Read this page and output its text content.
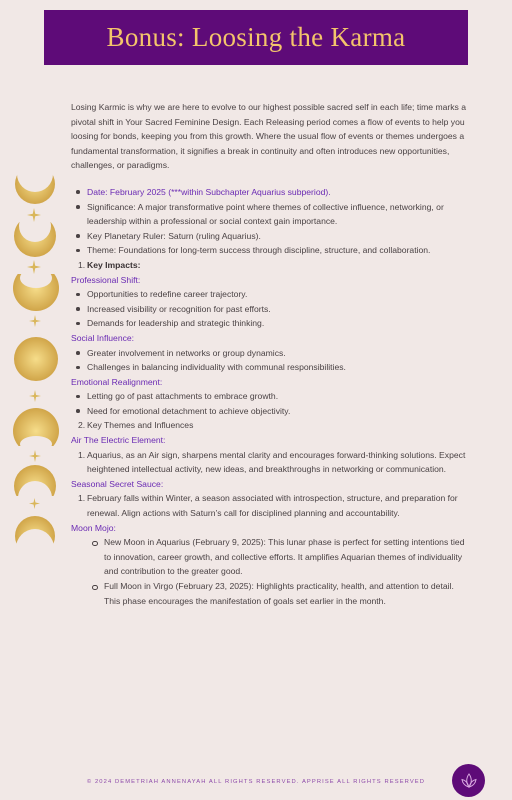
Bonus: Loosing the Karma

Losing Karmic is why we are here to evolve to our highest possible sacred self in each life; time marks a pivotal shift in Your Sacred Feminine Design. Each Releasing period comes a flow of events to help you loosing for bonds, keeping you from this growth. Where the usual flow of events or themes undergoes a fundamental transformation, it signifies a break in continuity and often introduces new opportunities, challenges, or paradigms.

Date: February 2025 (***within Subchapter Aquarius subperiod).
Significance: A major transformative point where themes of collective influence, networking, or leadership within a professional or social context gain importance.
Key Planetary Ruler: Saturn (ruling Aquarius).
Theme: Foundations for long-term success through discipline, structure, and collaboration.
1. Key Impacts:
Professional Shift:
Opportunities to redefine career trajectory.
Increased visibility or recognition for past efforts.
Demands for leadership and strategic thinking.
Social Influence:
Greater involvement in networks or group dynamics.
Challenges in balancing individuality with communal responsibilities.
Emotional Realignment:
Letting go of past attachments to embrace growth.
Need for emotional detachment to achieve objectivity.
2. Key Themes and Influences
Air The Electric Element:
1. Aquarius, as an Air sign, sharpens mental clarity and encourages forward-thinking solutions. Expect heightened intellectual activity, new ideas, and breakthroughs in networking or communication.
Seasonal Secret Sauce:
1. February falls within Winter, a season associated with introspection, structure, and preparation for renewal. Align actions with Saturn’s call for disciplined planning and accountability.
Moon Mojo:
New Moon in Aquarius (February 9, 2025): This lunar phase is perfect for setting intentions tied to innovation, career growth, and collective efforts. It amplifies Aquarian themes of individuality and contribution to the greater good.
Full Moon in Virgo (February 23, 2025): Highlights practicality, health, and attention to detail. This phase encourages the manifestation of goals set earlier in the month.
© 2024 DEMETRIAH ANNENAYAH ALL RIGHTS RESERVED. APPRISE ALL RIGHTS RESERVED
